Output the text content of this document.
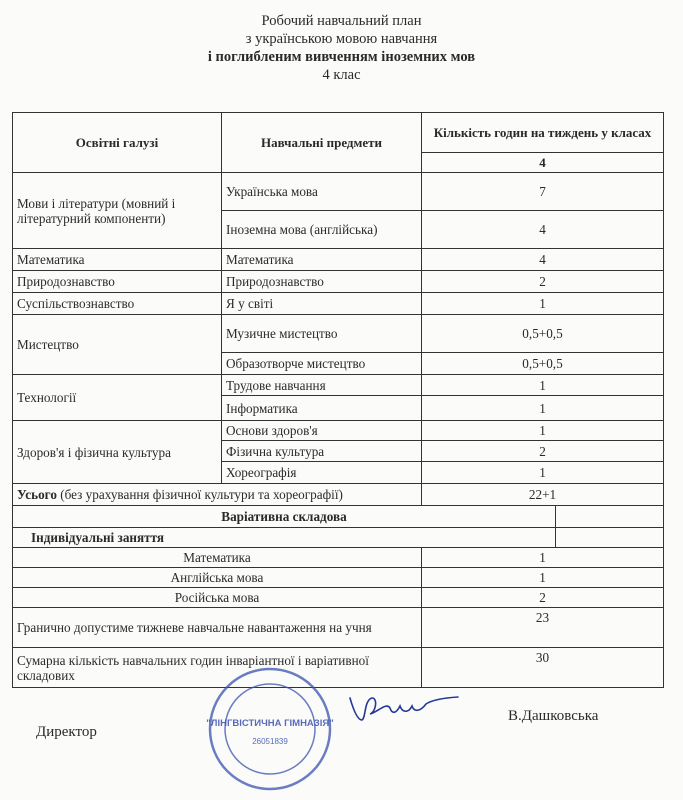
Робочий навчальний план
з українською мовою навчання
і поглибленим вивченням іноземних мов
4 клас
Освітні галузі	Навчальні предмети	Кількість годин на тиждень у класах	
		4	
Мови і літератури (мовний і літературний компоненти)	Українська мова	7	
	Іноземна мова (англійська)	4	
Математика	Математика	4	
Природознавство	Природознавство	2	
Суспільствознавство	Я у світі	1	
Мистецтво	Музичне мистецтво	0,5+0,5	
	Образотворче мистецтво	0,5+0,5	
Технології	Трудове навчання	1	
	Інформатика	1	
Здоров'я і фізична культура	Основи здоров'я	1	
	Фізична культура	2	
	Хореографія	1	
Усього (без урахування фізичної культури та хореографії)		22+1	
Варіативна складова			
Індивідуальні заняття			
Математика		1	
Англійська мова		1	
Російська мова		2	
Гранично допустиме тижневе навчальне навантаження на учня		23	
Сумарна кількість навчальних годин інваріантної і варіативної складових		30	
"ЛІНГВІСТИЧНА ГІМНАЗІЯ"
26051839
Директор
В.Дашковська
